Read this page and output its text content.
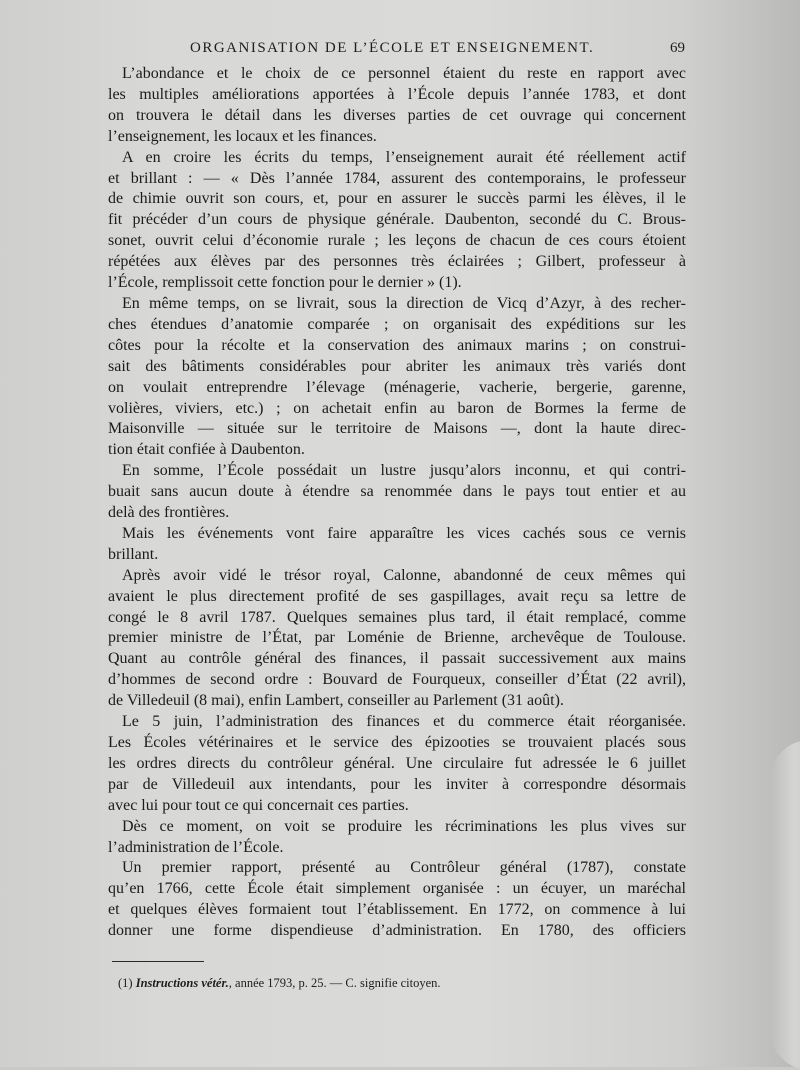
ORGANISATION DE L’ÉCOLE ET ENSEIGNEMENT.	69
L’abondance et le choix de ce personnel étaient du reste en rapport avec
les multiples améliorations apportées à l’École depuis l’année 1783, et dont
on trouvera le détail dans les diverses parties de cet ouvrage qui concernent
l’enseignement, les locaux et les finances.
A en croire les écrits du temps, l’enseignement aurait été réellement actif
et brillant : — « Dès l’année 1784, assurent des contemporains, le professeur
de chimie ouvrit son cours, et, pour en assurer le succès parmi les élèves, il le
fit précéder d’un cours de physique générale. Daubenton, secondé du C. Brous-
sonet, ouvrit celui d’économie rurale ; les leçons de chacun de ces cours étoient
répétées aux élèves par des personnes très éclairées ; Gilbert, professeur à
l’École, remplissoit cette fonction pour le dernier » (1).
En même temps, on se livrait, sous la direction de Vicq d’Azyr, à des recher-
ches étendues d’anatomie comparée ; on organisait des expéditions sur les
côtes pour la récolte et la conservation des animaux marins ; on construi-
sait des bâtiments considérables pour abriter les animaux très variés dont
on voulait entreprendre l’élevage (ménagerie, vacherie, bergerie, garenne,
volières, viviers, etc.) ; on achetait enfin au baron de Bormes la ferme de
Maisonville — située sur le territoire de Maisons —, dont la haute direc-
tion était confiée à Daubenton.
En somme, l’École possédait un lustre jusqu’alors inconnu, et qui contri-
buait sans aucun doute à étendre sa renommée dans le pays tout entier et au
delà des frontières.
Mais les événements vont faire apparaître les vices cachés sous ce vernis
brillant.
Après avoir vidé le trésor royal, Calonne, abandonné de ceux mêmes qui
avaient le plus directement profité de ses gaspillages, avait reçu sa lettre de
congé le 8 avril 1787. Quelques semaines plus tard, il était remplacé, comme
premier ministre de l’État, par Loménie de Brienne, archevêque de Toulouse.
Quant au contrôle général des finances, il passait successivement aux mains
d’hommes de second ordre : Bouvard de Fourqueux, conseiller d’État (22 avril),
de Villedeuil (8 mai), enfin Lambert, conseiller au Parlement (31 août).
Le 5 juin, l’administration des finances et du commerce était réorganisée.
Les Écoles vétérinaires et le service des épizooties se trouvaient placés sous
les ordres directs du contrôleur général. Une circulaire fut adressée le 6 juillet
par de Villedeuil aux intendants, pour les inviter à correspondre désormais
avec lui pour tout ce qui concernait ces parties.
Dès ce moment, on voit se produire les récriminations les plus vives sur
l’administration de l’École.
Un premier rapport, présenté au Contrôleur général (1787), constate
qu’en 1766, cette École était simplement organisée : un écuyer, un maréchal
et quelques élèves formaient tout l’établissement. En 1772, on commence à lui
donner une forme dispendieuse d’administration. En 1780, des officiers
(1) Instructions vétér., année 1793, p. 25. — C. signifie citoyen.
